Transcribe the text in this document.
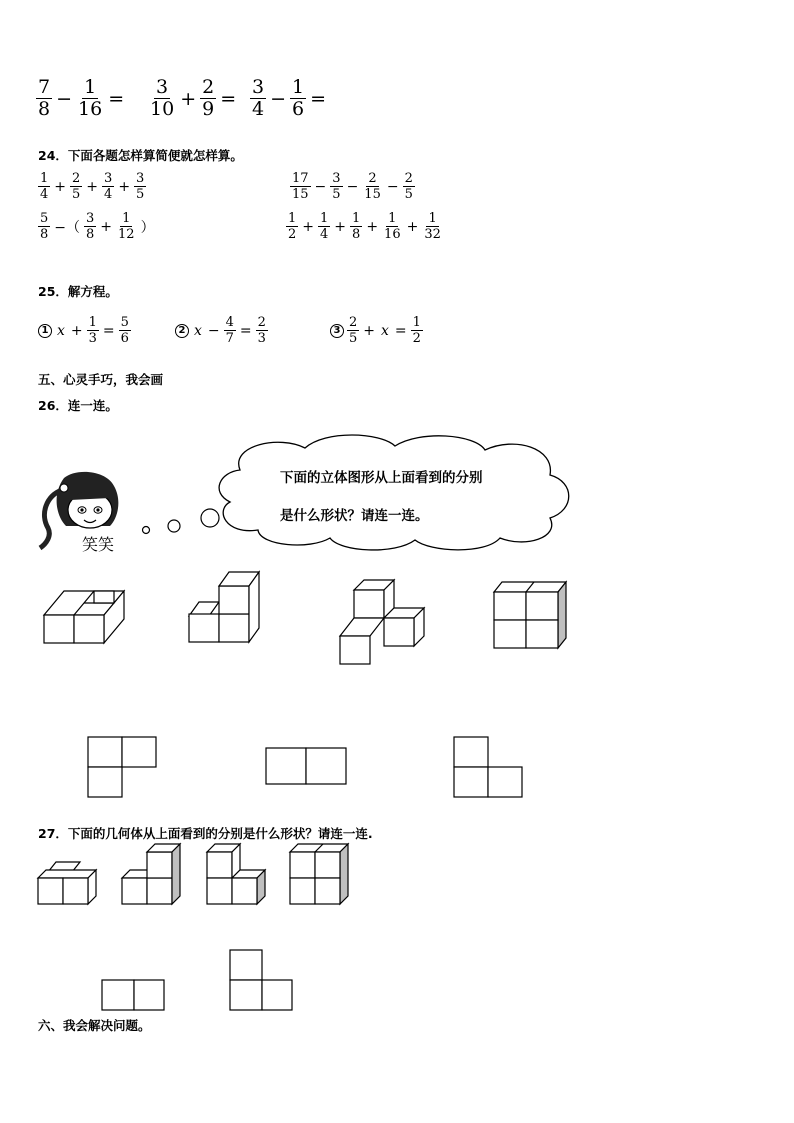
$\frac{7}{8} - \frac{1}{16} = \frac{3}{10} + \frac{2}{9} = \frac{3}{4} - \frac{1}{6}$ =
24．下面各题怎样算简便就怎样算。
$\frac{1}{4} + \frac{2}{5} + \frac{3}{4} + \frac{3}{5}$	$\frac{17}{15} - \frac{3}{5} - \frac{2}{15} - \frac{2}{5}$
$\frac{5}{8}$ −（ $\frac{3}{8} + \frac{1}{12}$ ）	$\frac{1}{2} + \frac{1}{4} + \frac{1}{8} + \frac{1}{16} + \frac{1}{32}$
25．解方程。
1 $x + \frac{1}{3} = \frac{5}{6}$	2 $x - \frac{4}{7} = \frac{2}{3}$	$3 \frac{2}{5} + x = \frac{1}{2}$
五、心灵手巧，我会画
26．连一连。
下面的立体图形从上面看到的分别
是什么形状？请连一连。
笑笑
27．下面的几何体从上面看到的分别是什么形状？请连一连.
六、我会解决问题。
